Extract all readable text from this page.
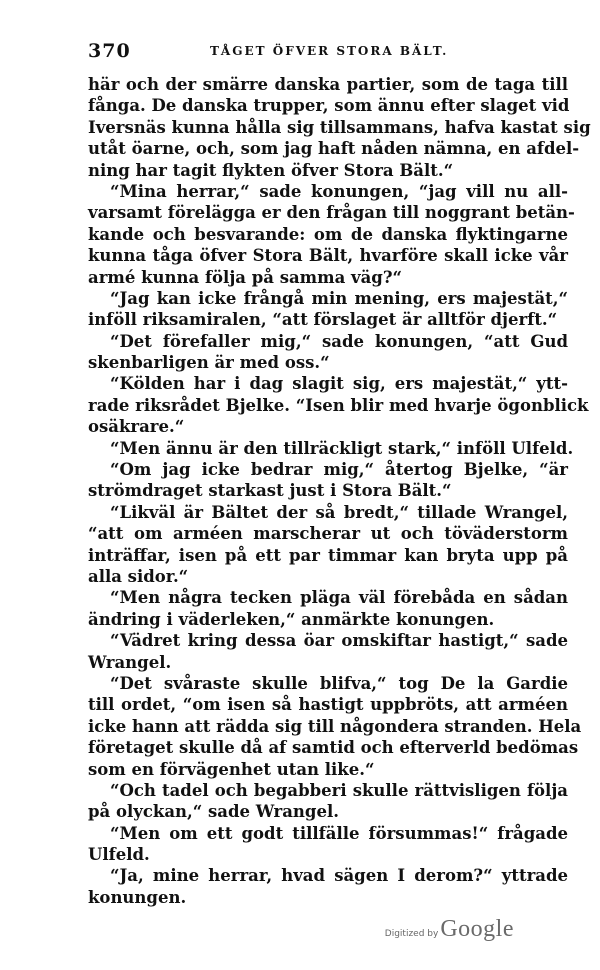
370	TÅGET ÖFVER STORA BÄLT.
här och der smärre danska partier, som de taga till
fånga. De danska trupper, som ännu efter slaget vid
Iversnäs kunna hålla sig tillsammans, hafva kastat sig
utåt öarne, och, som jag haft nåden nämna, en afdel-
ning har tagit flykten öfver Stora Bält.“
“Mina herrar,“ sade konungen, “jag vill nu all-
varsamt förelägga er den frågan till noggrant betän-
kande och besvarande: om de danska flyktingarne
kunna tåga öfver Stora Bält, hvarföre skall icke vår
armé kunna följa på samma väg?“
“Jag kan icke frångå min mening, ers majestät,“
inföll riksamiralen, “att förslaget är alltför djerft.“
“Det förefaller mig,“ sade konungen, “att Gud
skenbarligen är med oss.“
“Kölden har i dag slagit sig, ers majestät,“ ytt-
rade riksrådet Bjelke. “Isen blir med hvarje ögonblick
osäkrare.“
“Men ännu är den tillräckligt stark,“ inföll Ulfeld.
“Om jag icke bedrar mig,“ återtog Bjelke, “är
strömdraget starkast just i Stora Bält.“
“Likväl är Bältet der så bredt,“ tillade Wrangel,
“att om arméen marscherar ut och töväderstorm
inträffar, isen på ett par timmar kan bryta upp på
alla sidor.“
“Men några tecken pläga väl förebåda en sådan
ändring i väderleken,“ anmärkte konungen.
“Vädret kring dessa öar omskiftar hastigt,“ sade
Wrangel.
“Det svåraste skulle blifva,“ tog De la Gardie
till ordet, “om isen så hastigt uppbröts, att arméen
icke hann att rädda sig till någondera stranden. Hela
företaget skulle då af samtid och efterverld bedömas
som en förvägenhet utan like.“
“Och tadel och begabberi skulle rättvisligen följa
på olyckan,“ sade Wrangel.
“Men om ett godt tillfälle försummas!“ frågade
Ulfeld.
“Ja, mine herrar, hvad sägen I derom?“ yttrade
konungen.
Digitized by Google
